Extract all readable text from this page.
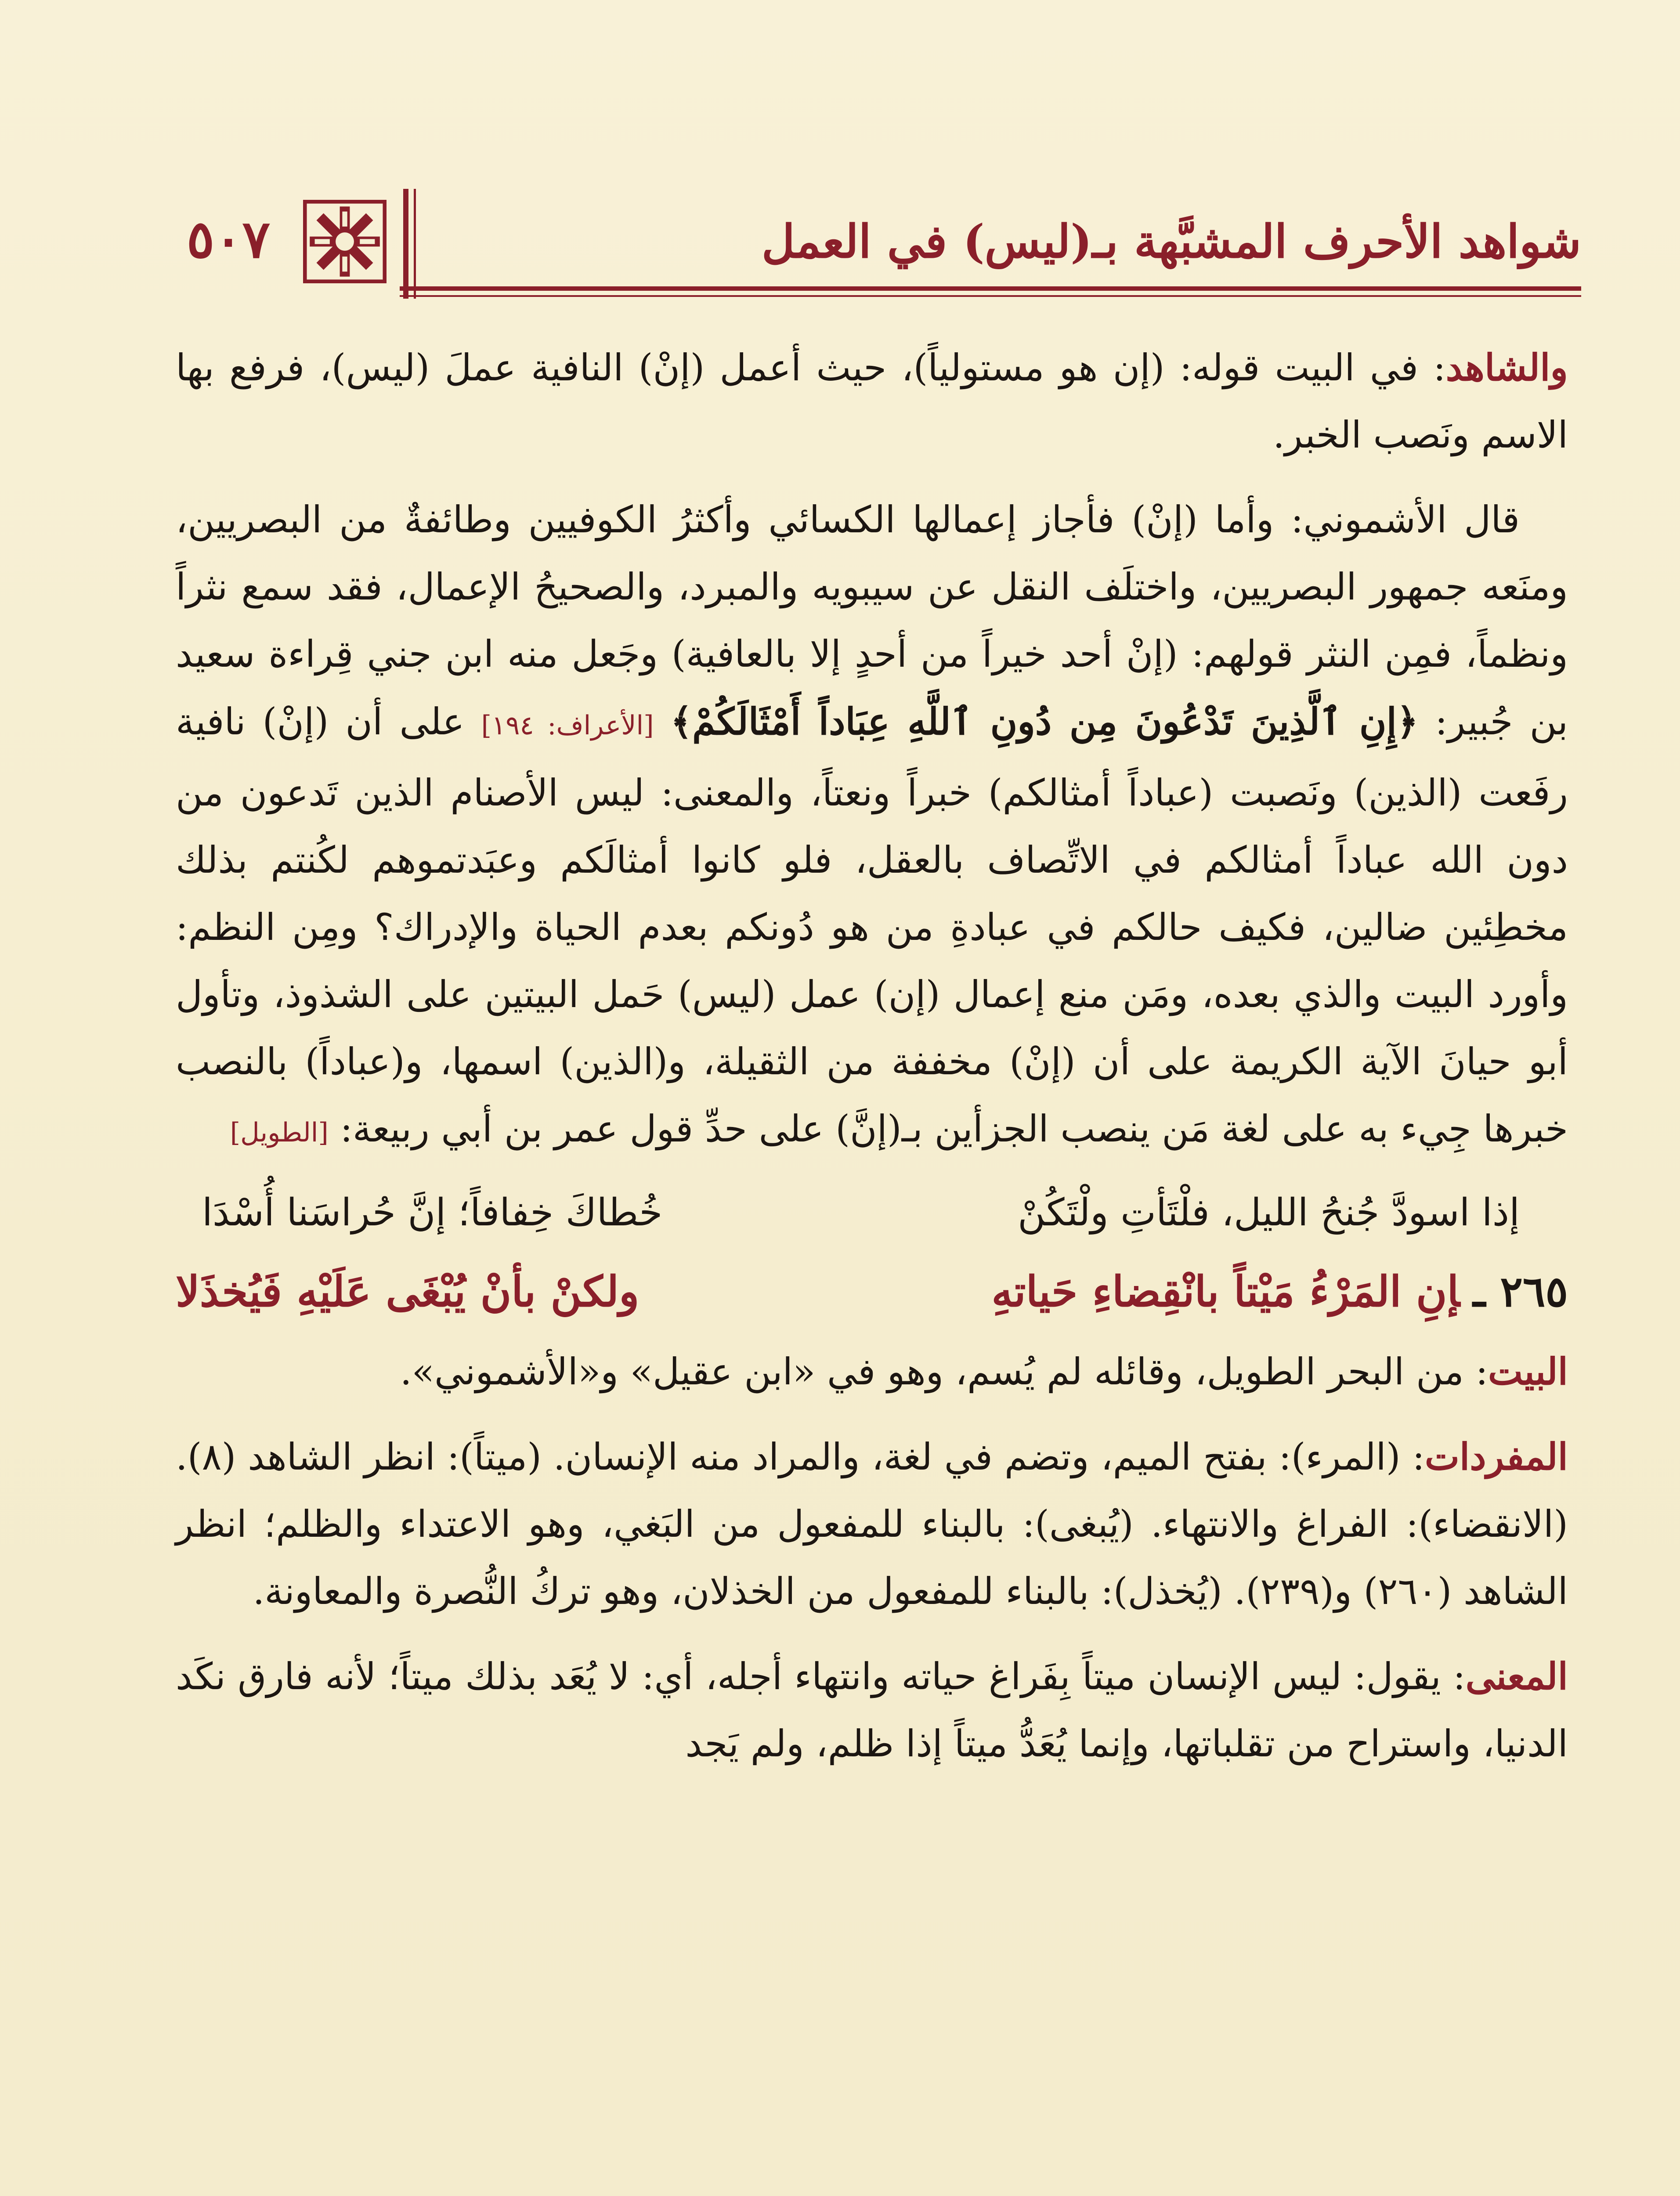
٥٠٧	شواهد الأحرف المشبَّهة بـ(ليس) في العمل

والشاهد: في البيت قوله: (إن هو مستولياً)، حيث أعمل (إنْ) النافية عملَ (ليس)، فرفع بها الاسم ونَصب الخبر.

قال الأشموني: وأما (إنْ) فأجاز إعمالها الكسائي وأكثرُ الكوفيين وطائفةٌ من البصريين، ومنَعه جمهور البصريين، واختلَف النقل عن سيبويه والمبرد، والصحيحُ الإعمال، فقد سمع نثراً ونظماً، فمِن النثر قولهم: (إنْ أحد خيراً من أحدٍ إلا بالعافية) وجَعل منه ابن جني قِراءة سعيد بن جُبير: ﴿إِنِ ٱلَّذِينَ تَدْعُونَ مِن دُونِ ٱللَّهِ عِبَاداً أَمْثَالَكُمْ﴾ [الأعراف: ١٩٤] على أن (إنْ) نافية رفَعت (الذين) ونَصبت (عباداً أمثالكم) خبراً ونعتاً، والمعنى: ليس الأصنام الذين تَدعون من دون الله عباداً أمثالكم في الاتِّصاف بالعقل، فلو كانوا أمثالَكم وعبَدتموهم لكُنتم بذلك مخطِئين ضالين، فكيف حالكم في عبادةِ من هو دُونكم بعدم الحياة والإدراك؟ ومِن النظم: وأورد البيت والذي بعده، ومَن منع إعمال (إن) عمل (ليس) حَمل البيتين على الشذوذ، وتأول أبو حيانَ الآية الكريمة على أن (إنْ) مخففة من الثقيلة، و(الذين) اسمها، و(عباداً) بالنصب خبرها جِيء به على لغة مَن ينصب الجزأين بـ(إنَّ) على حدِّ قول عمر بن أبي ربيعة: [الطويل]

إذا اسودَّ جُنحُ الليل، فلْتَأتِ ولْتَكُنْ
خُطاكَ خِفافاً؛ إنَّ حُراسَنا أُسْدَا
٢٦٥ ـإنِ المَرْءُ مَيْتاً بانْقِضاءِ حَياتهِ
ولكنْ بأنْ يُبْغَى عَلَيْهِ فَيُخذَلا

البيت: من البحر الطويل، وقائله لم يُسم، وهو في «ابن عقيل» و«الأشموني».

المفردات: (المرء): بفتح الميم، وتضم في لغة، والمراد منه الإنسان. (ميتاً): انظر الشاهد (٨). (الانقضاء): الفراغ والانتهاء. (يُبغى): بالبناء للمفعول من البَغي، وهو الاعتداء والظلم؛ انظر الشاهد (٢٦٠) و(٢٣٩). (يُخذل): بالبناء للمفعول من الخذلان، وهو تركُ النُّصرة والمعاونة.

المعنى: يقول: ليس الإنسان ميتاً بِفَراغ حياته وانتهاء أجله، أي: لا يُعَد بذلك ميتاً؛ لأنه فارق نكَد الدنيا، واستراح من تقلباتها، وإنما يُعَدُّ ميتاً إذا ظلم، ولم يَجد
